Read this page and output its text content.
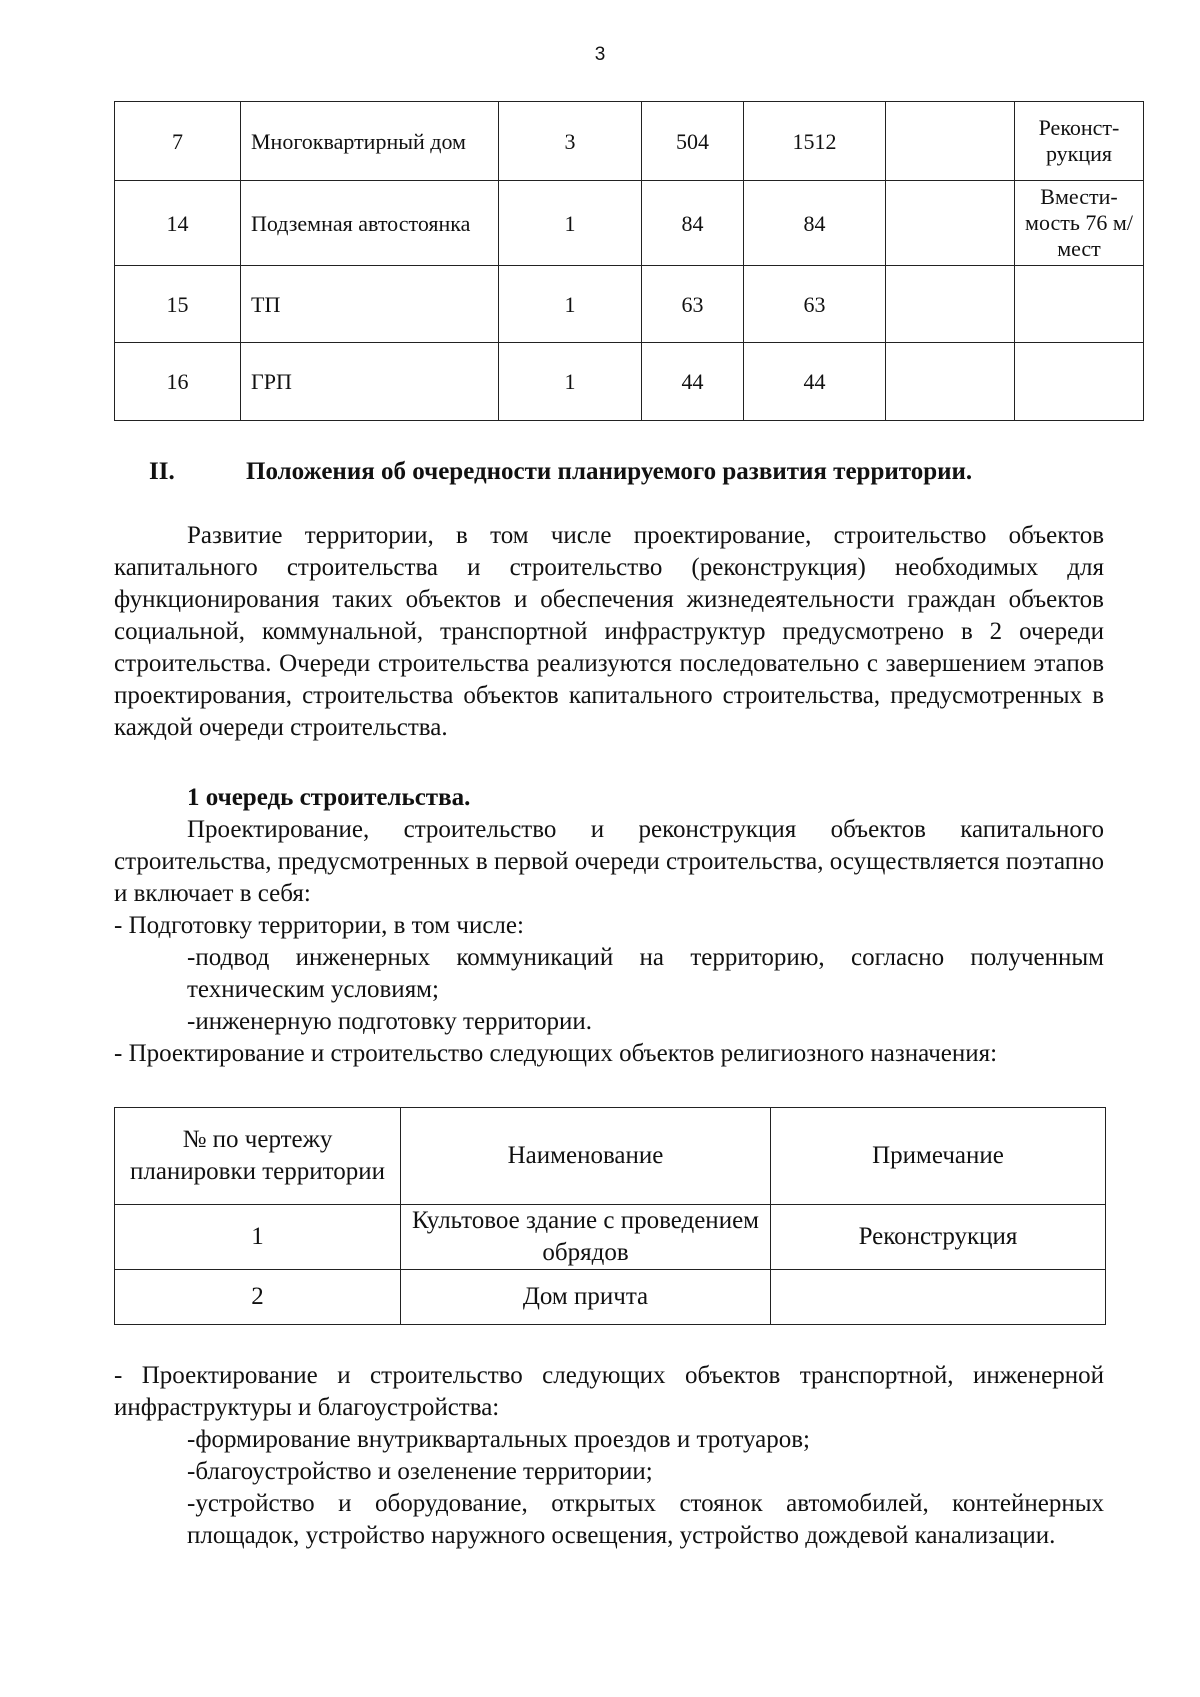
3
7	Многоквартирный дом	3	504	1512		Реконст-рукция
14	Подземная автостоянка	1	84	84		Вмести-мость 76 м/мест
15	ТП	1	63	63		
16	ГРП	1	44	44		
II.	Положения об очередности планируемого развития территории.
Развитие территории, в том числе проектирование, строительство объектов капитального строительства и строительство (реконструкция) необходимых для функционирования таких объектов и обеспечения жизнедеятельности граждан объектов социальной, коммунальной, транспортной инфраструктур предусмотрено в 2 очереди строительства. Очереди строительства реализуются последовательно с завершением этапов проектирования, строительства объектов капитального строительства, предусмотренных в каждой очереди строительства.
1 очередь строительства.
Проектирование, строительство и реконструкция объектов капитального строительства, предусмотренных в первой очереди строительства, осуществляется поэтапно и включает в себя:
- Подготовку территории, в том числе:
-подвод инженерных коммуникаций на территорию, согласно полученным техническим условиям;
-инженерную подготовку территории.
- Проектирование и строительство следующих объектов религиозного назначения:
№ по чертежу планировки территории	Наименование	Примечание
1	Культовое здание с проведением обрядов	Реконструкция
2	Дом причта	
- Проектирование и строительство следующих объектов транспортной, инженерной инфраструктуры и благоустройства:
-формирование внутриквартальных проездов и тротуаров;
-благоустройство и озеленение территории;
-устройство и оборудование, открытых стоянок автомобилей, контейнерных площадок, устройство наружного освещения, устройство дождевой канализации.
